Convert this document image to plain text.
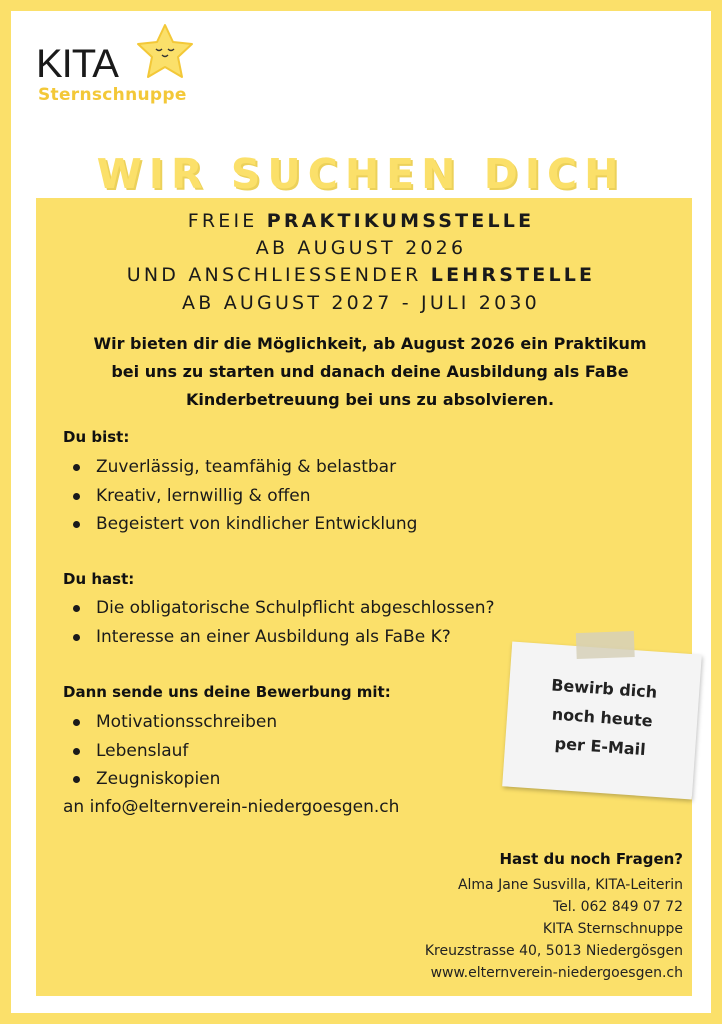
KITA
Sternschnuppe
WIR SUCHEN DICH
FREIE PRAKTIKUMSSTELLE
AB AUGUST 2026
UND ANSCHLIESSENDER LEHRSTELLE
AB AUGUST 2027 - JULI 2030
Wir bieten dir die Möglichkeit, ab August 2026 ein Praktikum
bei uns zu starten und danach deine Ausbildung als FaBe
Kinderbetreuung bei uns zu absolvieren.
Du bist:
Zuverlässig, teamfähig & belastbar
Kreativ, lernwillig & offen
Begeistert von kindlicher Entwicklung
Du hast:
Die obligatorische Schulpflicht abgeschlossen?
Interesse an einer Ausbildung als FaBe K?
Dann sende uns deine Bewerbung mit:
Motivationsschreiben
Lebenslauf
Zeugniskopien
an info@elternverein-niedergoesgen.ch
Bewirb dich
noch heute
per E-Mail
Hast du noch Fragen?
Alma Jane Susvilla, KITA-Leiterin
Tel. 062 849 07 72
KITA Sternschnuppe
Kreuzstrasse 40, 5013 Niedergösgen
www.elternverein-niedergoesgen.ch
